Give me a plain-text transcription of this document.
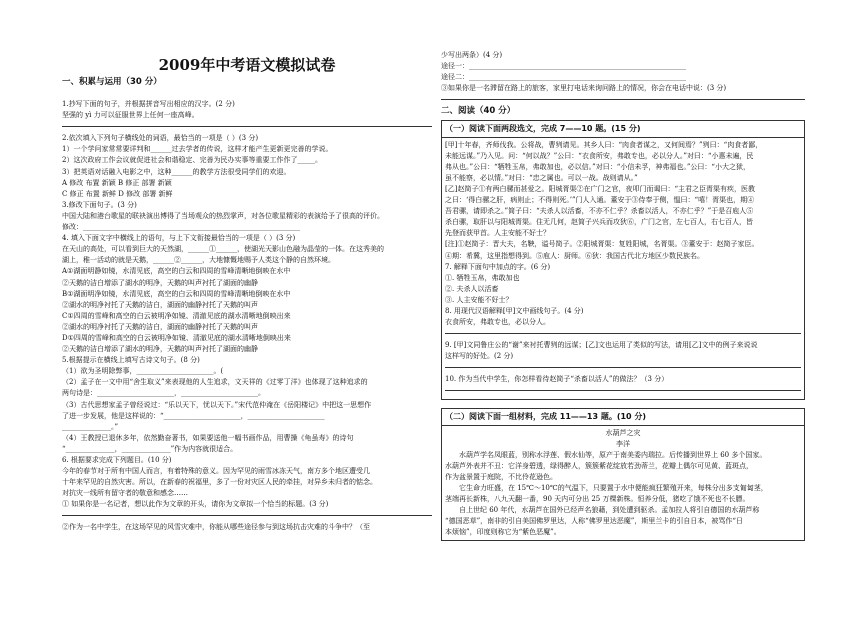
2009年中考语文模拟试卷
一、积累与运用（30 分）
1.抄写下面的句子，并根据拼音写出相应的汉字。(2 分)
坚强的 yì 力可以征服世界上任何一座高峰。
2.依次填入下列句子横线处的词语，最恰当的一项是（ ）(3 分)
1）一个学问家常常要详判和______过去学者的传说，这样才能产生更新更完善的学说。
2）这次政府工作会议就促进社会和谐稳定、完善为民办实事等重要工作作了_____。
3）把英语对话融入电影之中，这种______的教学方法很受同学们的欢迎。
A 修改 布置 新颖 B 修正 部署 新颖
C 修正 布置 新鲜 D 修改 部署 新鲜
3.修改下面句子。(3 分)
中国大陆和港台歌星的联袂演出博得了当场观众的热烈掌声，对各位歌星精彩的表演给予了很高的评价。
修改：______________________________________________________________
4. 填入下面文字中横线上的语句，与上下文衔接最恰当的一项是（ ）(3 分)
在天山的高处，可以看到巨大的天然湖，______①______，使湖光天影山色融为晶莹的一体。在这秀美的
湖上，稚一活动的就是天鹅，______②______，大地慷慨地赐予人类这个静的自然环境。
A①湖面明静如镜，水清见底，高空的白云和四周的雪峰清晰地倒映在水中
②天鹅的洁白增添了湖水的明净，天鹅的叫声衬托了湖面的幽静
B①湖面明净如镜，水清见底，高空的白云和四周的雪峰清晰地倒映在水中
②湖水的明净衬托了天鹅的洁白，湖面的幽静衬托了天鹅的叫声
C①四周的雪峰和高空的白云被明净如镜、清澈见底的湖水清晰地倒映出来
②湖水的明净衬托了天鹅的洁白，湖面的幽静衬托了天鹅的叫声
D①四周的雪峰和高空的白云被明净如镜、清澈见底的湖水清晰地倒映出来
②天鹅的洁白增添了湖水的明净，天鹅的叫声衬托了湖面的幽静
5.根据提示在横线上填写古诗文句子。(8 分)
（1）欲为圣明除弊事，______________________。(
（2）孟子在一文中用“舍生取义”来表现他的人生追求，文天祥的《过零丁洋》也体现了这种追求的
两句诗是：______________________，______________________。
（3）古代思想家孟子曾经说过：“乐以天下，忧以天下。”宋代范仲淹在《岳阳楼记》中把这一思想作
了进一步发展，他是这样说的：“______________________，______________________
______________。”
（4）王教授已退休多年，依然勤奋著书，如果要送他一幅书画作品，用曹操《龟虽寿》的诗句
“______________，______________”作为内容就很适合。
6. 根据要求完成下列题目。(10 分)
今年的春节对于所有中国人而言，有着特殊的意义。因为罕见的雨雪冰冻天气，南方多个地区遭受几
十年来罕见的自然灾害。所以，在新春的祝福里，多了一份对灾区人民的牵挂，对异乡未归者的惦念。
对抗灾一线所有留守者的敬意和感念……
① 如果你是一名记者，想以此作为文章的开头，请你为文章拟一个恰当的标题。(3 分)
②作为一名中学生，在这场罕见的风雪灾难中，你能从哪些途径参与到这场抗击灾难的斗争中？（至
少写出两条）(4 分)
途径一：______________________________________________________________
途径二：______________________________________________________________
③如果你是一名滞留在路上的旅客，家里打电话来询问路上的情况，你会在电话中说：(3 分)
二、阅读（40 分）
（一）阅读下面两段选文，完成 7——10 题。(15 分)
[甲]十年春，齐师伐我。公将战，曹刿请见。其乡人曰：“肉食者谋之，又何间焉？”刿曰：“肉食者鄙，
未能远谋。”乃入见。问：“何以战？”公曰：“衣食所安，弗敢专也，必以分人。”对曰：“小惠未遍，民
弗从也。”公曰：“牺牲玉帛，弗敢加也，必以信。”对曰：“小信未孚，神弗福也。”公曰：“小大之狱，
虽不能察，必以情。”对曰：“忠之属也。可以一战。战则请从。”
[乙]赵简子①有两白骡而甚爱之。阳城胥渠②在广门之官，夜叩门而谒曰：“主君之臣胥渠有疾，医教
之曰：‘得白骡之肝，病则止；不得则死。’”门人入通。董安于③侍奉于侧，愠曰：“嘻！胥渠也，期④
吾君骡，请即杀之。”简子曰：“夫杀人以活畜，不亦不仁乎？杀畜以活人，不亦仁乎？”于是召庖人⑤
杀白骡，取肝以与阳城胥渠。住无几何，赵简子兴兵而攻狄⑥，广门之官，左七百人，右七百人，皆
先登而获甲首。人主安能不好士？
[注]①赵简子：晋大夫，名鞅，谥号简子。②阳城胥渠：复姓阳城，名胥渠。③董安于：赵简子家臣。
④期：希冀，这里指想得到。⑤庖人：厨师。⑥狄：我国古代北方地区少数民族名。
7. 解释下面句中加点的字。(6 分)
①. 牺牲玉帛，弗敢加也
②. 夫杀人以活畜
③. 人主安能不好士？
8. 用现代汉语解释[甲]文中画线句子。(4 分)
衣食所安，弗敢专也，必以分人。
9. [甲]文同鲁庄公的“谢”来衬托曹刿的远谋；[乙]文也运用了类似的写法，请用[乙]文中的例子来说说
这样写的好处。(2 分)
10. 作为当代中学生，你怎样看待赵简子“杀畜以活人”的做法？（3 分）
（二）阅读下面一组材料，完成 11——13 题。(10 分)
水葫芦之灾
李洋
水葫芦学名凤眼蓝，别称水浮莲、假水仙等，原产于南美委内瑞拉。后传播到世界上 60 多个国家。
水葫芦外表并不丑：它洋身碧透，绿得醉人，簇簇紫花绽放若劲蒂兰，花瓣上偶尔可见黄、蓝斑点，
作为盆景置于庭院，不比伶花逊色。
它生命力旺盛，在 15℃～10℃的气温下，只要置于水中便能疯狂繁殖开来，每株分出多支匍匐茎，
茎端再长新株，八九天翻一番，90 天内可分出 25 万棵新株。恒养分低，猪吃了饿不死也不长膘。
自上世纪 60 年代，水葫芦在国外已经声名狼藉，到处遭到驱杀。孟加拉人将引自德国的水葫芦称
“德国恶草”，南非的引自美国佛罗里达，人称“佛罗里达恶魔”，斯里兰卡的引自日本，被骂作“日
本烦恼”，印度则称它为“紫色恶魔”。
